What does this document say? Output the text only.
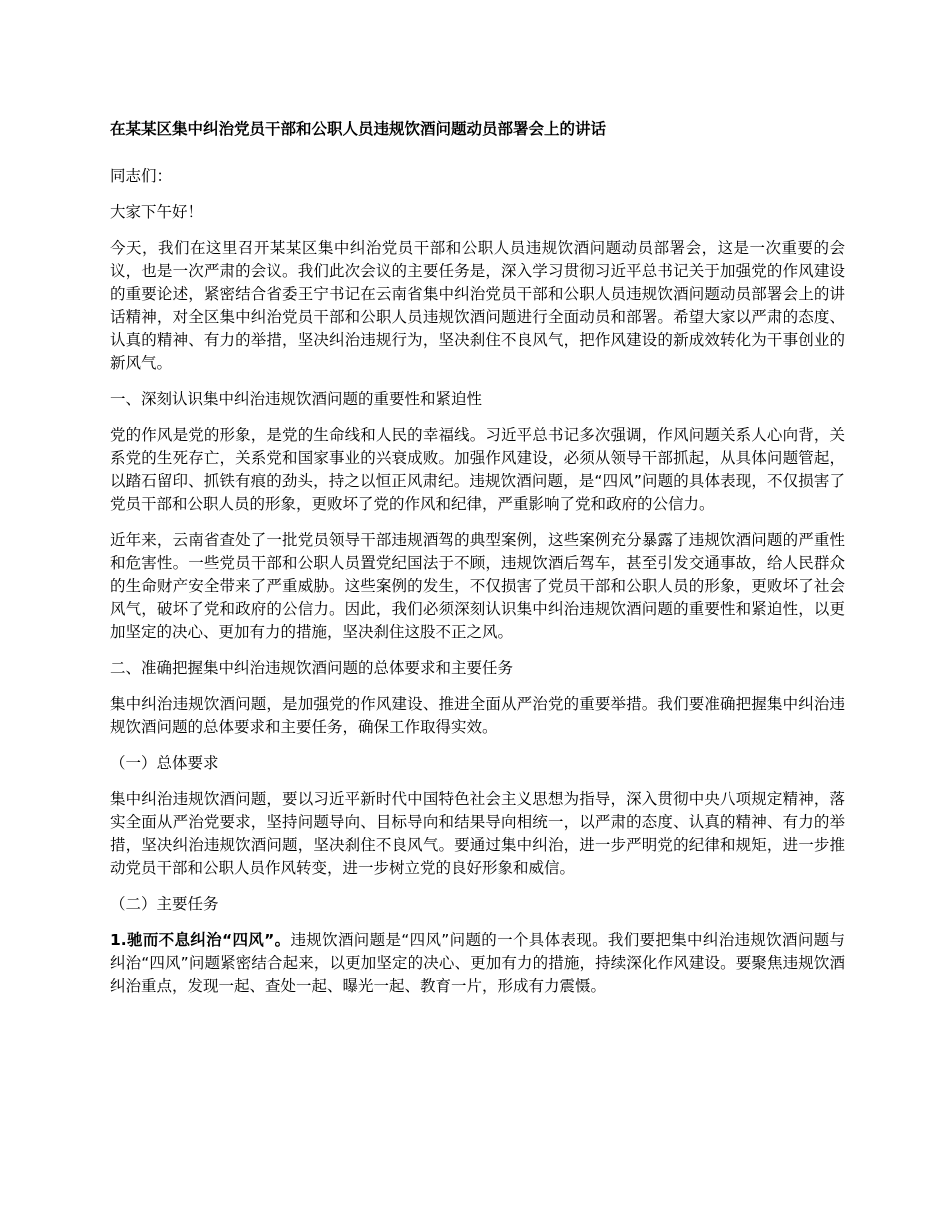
在某某区集中纠治党员干部和公职人员违规饮酒问题动员部署会上的讲话

同志们：

大家下午好！

今天，我们在这里召开某某区集中纠治党员干部和公职人员违规饮酒问题动员部署会，这是一次重要的会议，也是一次严肃的会议。我们此次会议的主要任务是，深入学习贯彻习近平总书记关于加强党的作风建设的重要论述，紧密结合省委王宁书记在云南省集中纠治党员干部和公职人员违规饮酒问题动员部署会上的讲话精神，对全区集中纠治党员干部和公职人员违规饮酒问题进行全面动员和部署。希望大家以严肃的态度、认真的精神、有力的举措，坚决纠治违规行为，坚决刹住不良风气，把作风建设的新成效转化为干事创业的新风气。

一、深刻认识集中纠治违规饮酒问题的重要性和紧迫性

党的作风是党的形象，是党的生命线和人民的幸福线。习近平总书记多次强调，作风问题关系人心向背，关系党的生死存亡，关系党和国家事业的兴衰成败。加强作风建设，必须从领导干部抓起，从具体问题管起，以踏石留印、抓铁有痕的劲头，持之以恒正风肃纪。违规饮酒问题，是“四风”问题的具体表现，不仅损害了党员干部和公职人员的形象，更败坏了党的作风和纪律，严重影响了党和政府的公信力。

近年来，云南省查处了一批党员领导干部违规酒驾的典型案例，这些案例充分暴露了违规饮酒问题的严重性和危害性。一些党员干部和公职人员置党纪国法于不顾，违规饮酒后驾车，甚至引发交通事故，给人民群众的生命财产安全带来了严重威胁。这些案例的发生，不仅损害了党员干部和公职人员的形象，更败坏了社会风气，破坏了党和政府的公信力。因此，我们必须深刻认识集中纠治违规饮酒问题的重要性和紧迫性，以更加坚定的决心、更加有力的措施，坚决刹住这股不正之风。

二、准确把握集中纠治违规饮酒问题的总体要求和主要任务

集中纠治违规饮酒问题，是加强党的作风建设、推进全面从严治党的重要举措。我们要准确把握集中纠治违规饮酒问题的总体要求和主要任务，确保工作取得实效。

（一）总体要求

集中纠治违规饮酒问题，要以习近平新时代中国特色社会主义思想为指导，深入贯彻中央八项规定精神，落实全面从严治党要求，坚持问题导向、目标导向和结果导向相统一，以严肃的态度、认真的精神、有力的举措，坚决纠治违规饮酒问题，坚决刹住不良风气。要通过集中纠治，进一步严明党的纪律和规矩，进一步推动党员干部和公职人员作风转变，进一步树立党的良好形象和威信。

（二）主要任务

1.驰而不息纠治“四风”。违规饮酒问题是“四风”问题的一个具体表现。我们要把集中纠治违规饮酒问题与纠治“四风”问题紧密结合起来，以更加坚定的决心、更加有力的措施，持续深化作风建设。要聚焦违规饮酒纠治重点，发现一起、查处一起、曝光一起、教育一片，形成有力震慑。
